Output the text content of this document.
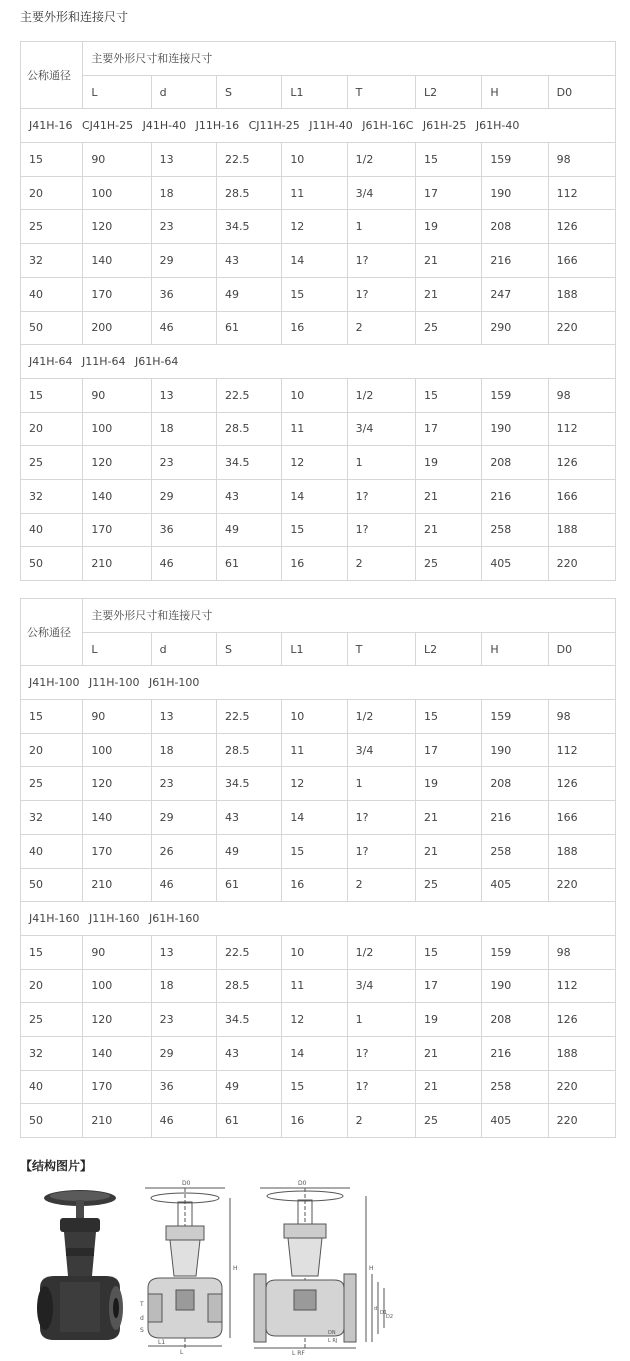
主要外形和连接尺寸
公称通径	主要外形尺寸和连接尺寸							
	L	d	S	L1	T	L2	H	D0
J41H-16 CJ41H-25 J41H-40 J11H-16 CJ11H-25 J11H-40 J61H-16C J61H-25 J61H-40								
15	90	13	22.5	10	1/2	15	159	98
20	100	18	28.5	11	3/4	17	190	112
25	120	23	34.5	12	1	19	208	126
32	140	29	43	14	1?	21	216	166
40	170	36	49	15	1?	21	247	188
50	200	46	61	16	2	25	290	220
J41H-64 J11H-64 J61H-64								
15	90	13	22.5	10	1/2	15	159	98
20	100	18	28.5	11	3/4	17	190	112
25	120	23	34.5	12	1	19	208	126
32	140	29	43	14	1?	21	216	166
40	170	36	49	15	1?	21	258	188
50	210	46	61	16	2	25	405	220
公称通径	主要外形尺寸和连接尺寸							
	L	d	S	L1	T	L2	H	D0
J41H-100 J11H-100 J61H-100								
15	90	13	22.5	10	1/2	15	159	98
20	100	18	28.5	11	3/4	17	190	112
25	120	23	34.5	12	1	19	208	126
32	140	29	43	14	1?	21	216	166
40	170	26	49	15	1?	21	258	188
50	210	46	61	16	2	25	405	220
J41H-160 J11H-160 J61H-160								
15	90	13	22.5	10	1/2	15	159	98
20	100	18	28.5	11	3/4	17	190	112
25	120	23	34.5	12	1	19	208	126
32	140	29	43	14	1?	21	216	188
40	170	36	49	15	1?	21	258	220
50	210	46	61	16	2	25	405	220
【结构图片】
D0
L
H
T
d
S
L1
D0
L RF
H
d
D1
D2
DN
L RJ
